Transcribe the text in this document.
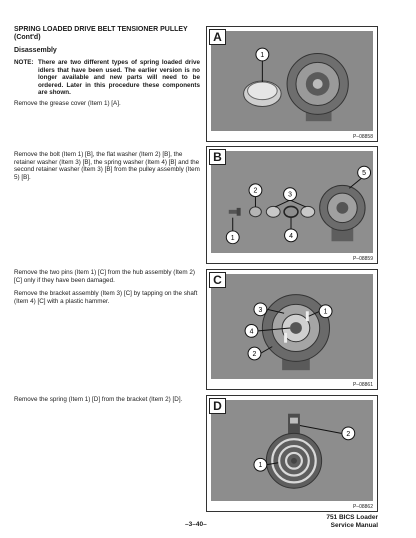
SPRING LOADED DRIVE BELT TENSIONER PULLEY (Cont'd)
Disassembly
NOTE: There are two different types of spring loaded drive idlers that have been used. The earlier version is no longer available and new parts will need to be ordered. Later in this procedure these components are shown.
Remove the grease cover (Item 1) [A].
Remove the bolt (Item 1) [B], the flat washer (Item 2) [B], the retainer washer (Item 3) [B], the spring washer (Item 4) [B] and the second retainer washer (Item 3) [B] from the pulley assembly (Item 5) [B].
Remove the two pins (Item 1) [C] from the hub assembly (Item 2) [C] only if they have been damaged.
Remove the bracket assembly (Item 3) [C] by tapping on the shaft (Item 4) [C] with a plastic hammer.
Remove the spring (Item 1) [D] from the bracket (Item 2) [D].
A
1
P–08858
B
1
2
3
4
5
P–08859
C
3	1
4
2
P–08861
D
2
1
P–08862
–3–40–
751 BICS Loader
Service Manual
